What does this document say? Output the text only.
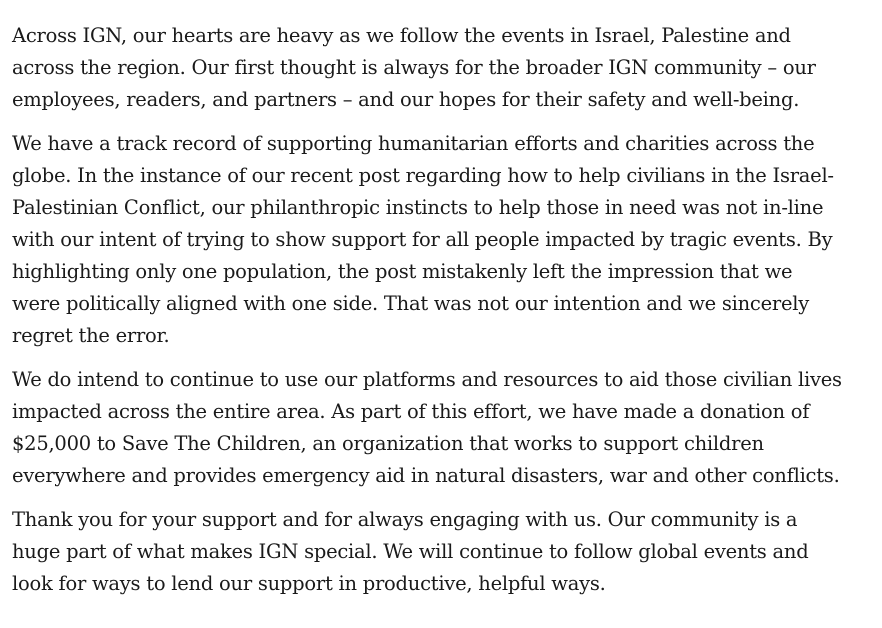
Across IGN, our hearts are heavy as we follow the events in Israel, Palestine and
across the region. Our first thought is always for the broader IGN community – our
employees, readers, and partners – and our hopes for their safety and well-being.

We have a track record of supporting humanitarian efforts and charities across the
globe. In the instance of our recent post regarding how to help civilians in the Israel-
Palestinian Conflict, our philanthropic instincts to help those in need was not in-line
with our intent of trying to show support for all people impacted by tragic events. By
highlighting only one population, the post mistakenly left the impression that we
were politically aligned with one side. That was not our intention and we sincerely
regret the error.

We do intend to continue to use our platforms and resources to aid those civilian lives
impacted across the entire area. As part of this effort, we have made a donation of
$25,000 to Save The Children, an organization that works to support children
everywhere and provides emergency aid in natural disasters, war and other conflicts.

Thank you for your support and for always engaging with us. Our community is a
huge part of what makes IGN special. We will continue to follow global events and
look for ways to lend our support in productive, helpful ways.
